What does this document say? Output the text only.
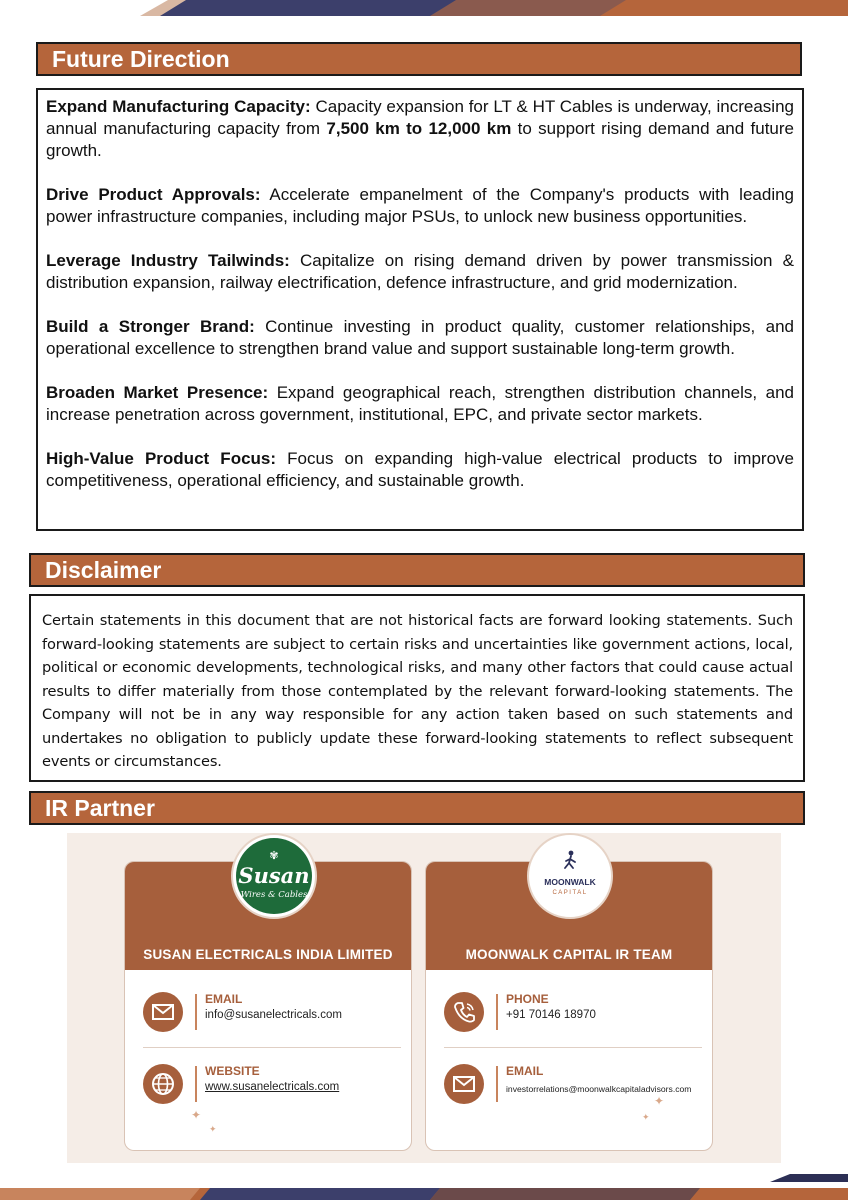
Future Direction

Expand Manufacturing Capacity: Capacity expansion for LT & HT Cables is underway, increasing annual manufacturing capacity from 7,500 km to 12,000 km to support rising demand and future growth.

Drive Product Approvals: Accelerate empanelment of the Company's products with leading power infrastructure companies, including major PSUs, to unlock new business opportunities.

Leverage Industry Tailwinds: Capitalize on rising demand driven by power transmission & distribution expansion, railway electrification, defence infrastructure, and grid modernization.

Build a Stronger Brand: Continue investing in product quality, customer relationships, and operational excellence to strengthen brand value and support sustainable long-term growth.

Broaden Market Presence: Expand geographical reach, strengthen distribution channels, and increase penetration across government, institutional, EPC, and private sector markets.

High-Value Product Focus: Focus on expanding high-value electrical products to improve competitiveness, operational efficiency, and sustainable growth.

Disclaimer

Certain statements in this document that are not historical facts are forward looking statements. Such forward-looking statements are subject to certain risks and uncertainties like government actions, local, political or economic developments, technological risks, and many other factors that could cause actual results to differ materially from those contemplated by the relevant forward-looking statements. The Company will not be in any way responsible for any action taken based on such statements and undertakes no obligation to publicly update these forward-looking statements to reflect subsequent events or circumstances.

IR Partner
SUSAN ELECTRICALS INDIA LIMITED
EMAIL
info@susanelectricals.com
WEBSITE
www.susanelectricals.com
✦
✦
MOONWALK CAPITAL IR TEAM
PHONE
+91 70146 18970
EMAIL
investorrelations@moonwalkcapitaladvisors.com
✦
✦
✾
Susan
Wires & Cables
MOONWALK
CAPITAL
